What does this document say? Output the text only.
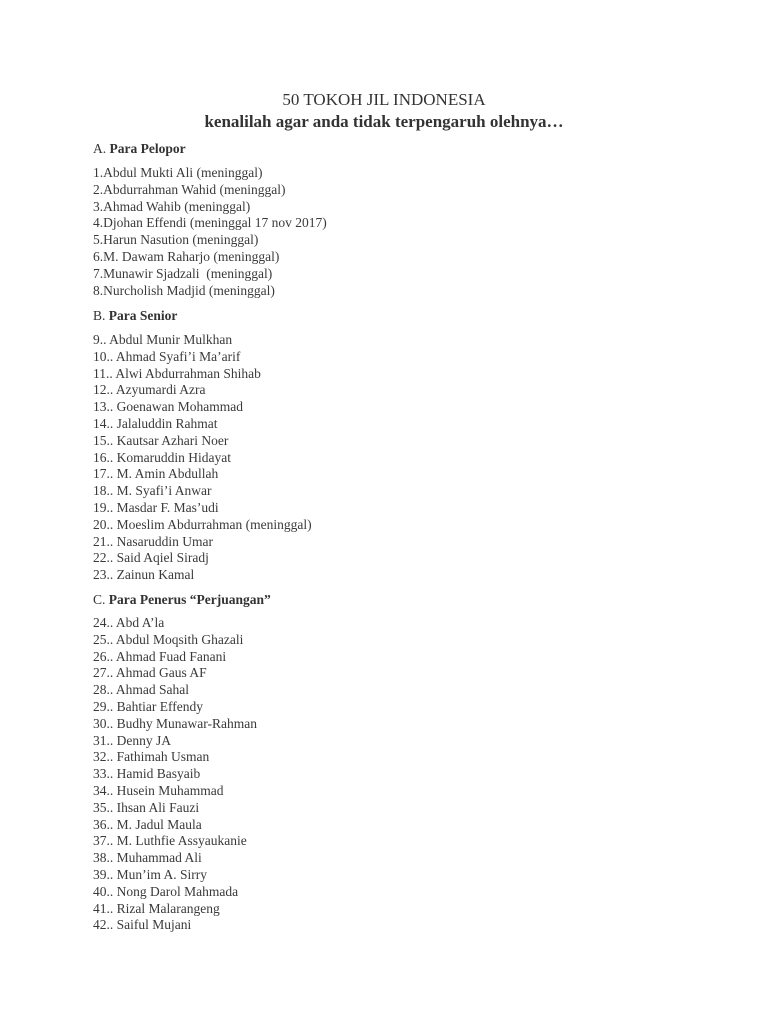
50 TOKOH JIL INDONESIA
kenalilah agar anda tidak terpengaruh olehnya…
A. Para Pelopor
1.Abdul Mukti Ali (meninggal)
2.Abdurrahman Wahid (meninggal)
3.Ahmad Wahib (meninggal)
4.Djohan Effendi (meninggal 17 nov 2017)
5.Harun Nasution (meninggal)
6.M. Dawam Raharjo (meninggal)
7.Munawir Sjadzali  (meninggal)
8.Nurcholish Madjid (meninggal)
B. Para Senior
9.. Abdul Munir Mulkhan
10.. Ahmad Syafi’i Ma’arif
11.. Alwi Abdurrahman Shihab
12.. Azyumardi Azra
13.. Goenawan Mohammad
14.. Jalaluddin Rahmat
15.. Kautsar Azhari Noer
16.. Komaruddin Hidayat
17.. M. Amin Abdullah
18.. M. Syafi’i Anwar
19.. Masdar F. Mas’udi
20.. Moeslim Abdurrahman (meninggal)
21.. Nasaruddin Umar
22.. Said Aqiel Siradj
23.. Zainun Kamal
C. Para Penerus “Perjuangan”
24.. Abd A’la
25.. Abdul Moqsith Ghazali
26.. Ahmad Fuad Fanani
27.. Ahmad Gaus AF
28.. Ahmad Sahal
29.. Bahtiar Effendy
30.. Budhy Munawar-Rahman
31.. Denny JA
32.. Fathimah Usman
33.. Hamid Basyaib
34.. Husein Muhammad
35.. Ihsan Ali Fauzi
36.. M. Jadul Maula
37.. M. Luthfie Assyaukanie
38.. Muhammad Ali
39.. Mun’im A. Sirry
40.. Nong Darol Mahmada
41.. Rizal Malarangeng
42.. Saiful Mujani
